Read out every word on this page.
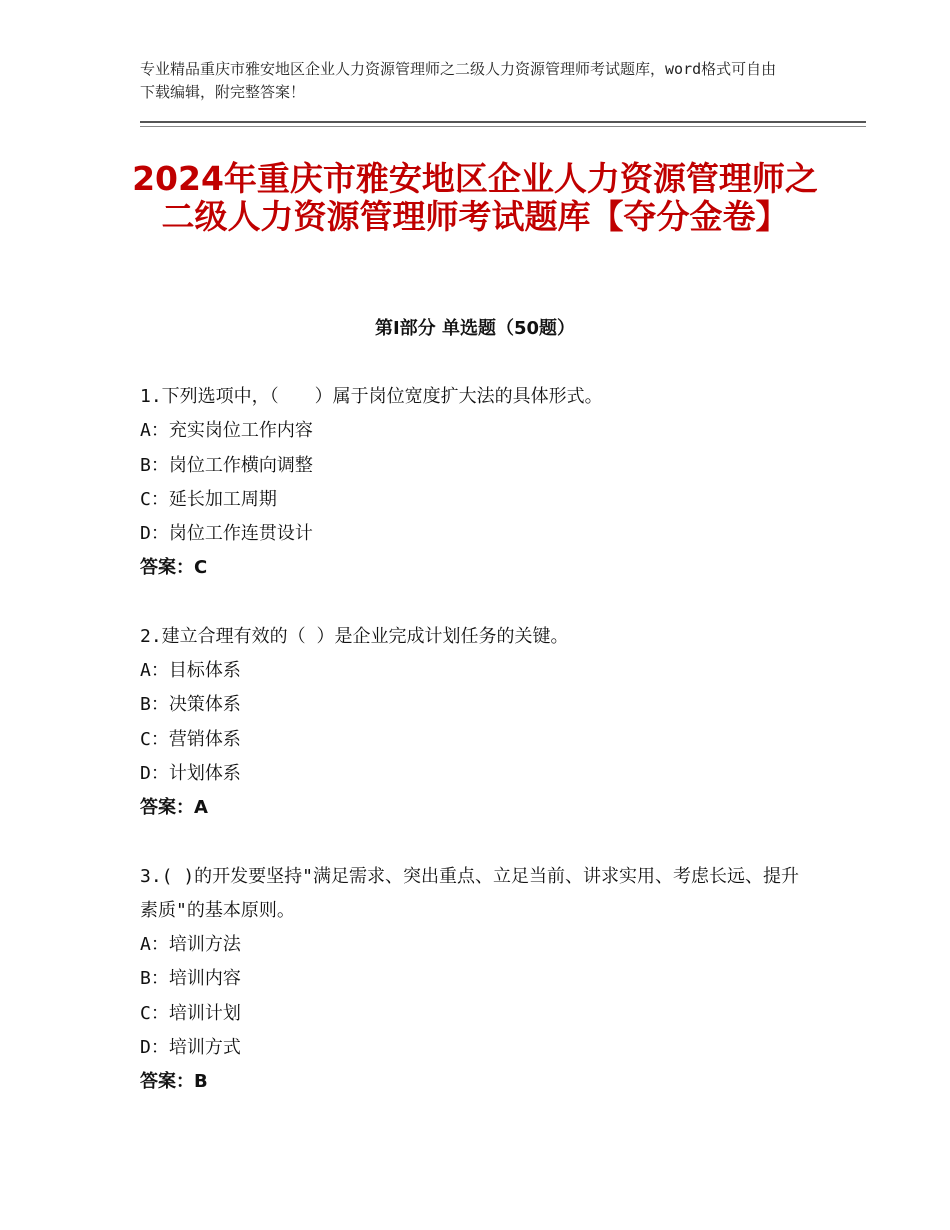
专业精品重庆市雅安地区企业人力资源管理师之二级人力资源管理师考试题库，word格式可自由下载编辑，附完整答案！

2024年重庆市雅安地区企业人力资源管理师之二级人力资源管理师考试题库【夺分金卷】
第Ⅰ部分 单选题（50题）

1.下列选项中，（　　）属于岗位宽度扩大法的具体形式。

A：充实岗位工作内容

B：岗位工作横向调整

C：延长加工周期

D：岗位工作连贯设计

答案：C

2.建立合理有效的（ ）是企业完成计划任务的关键。

A：目标体系

B：决策体系

C：营销体系

D：计划体系

答案：A

3.( )的开发要坚持"满足需求、突出重点、立足当前、讲求实用、考虑长远、提升素质"的基本原则。

A：培训方法

B：培训内容

C：培训计划

D：培训方式

答案：B
